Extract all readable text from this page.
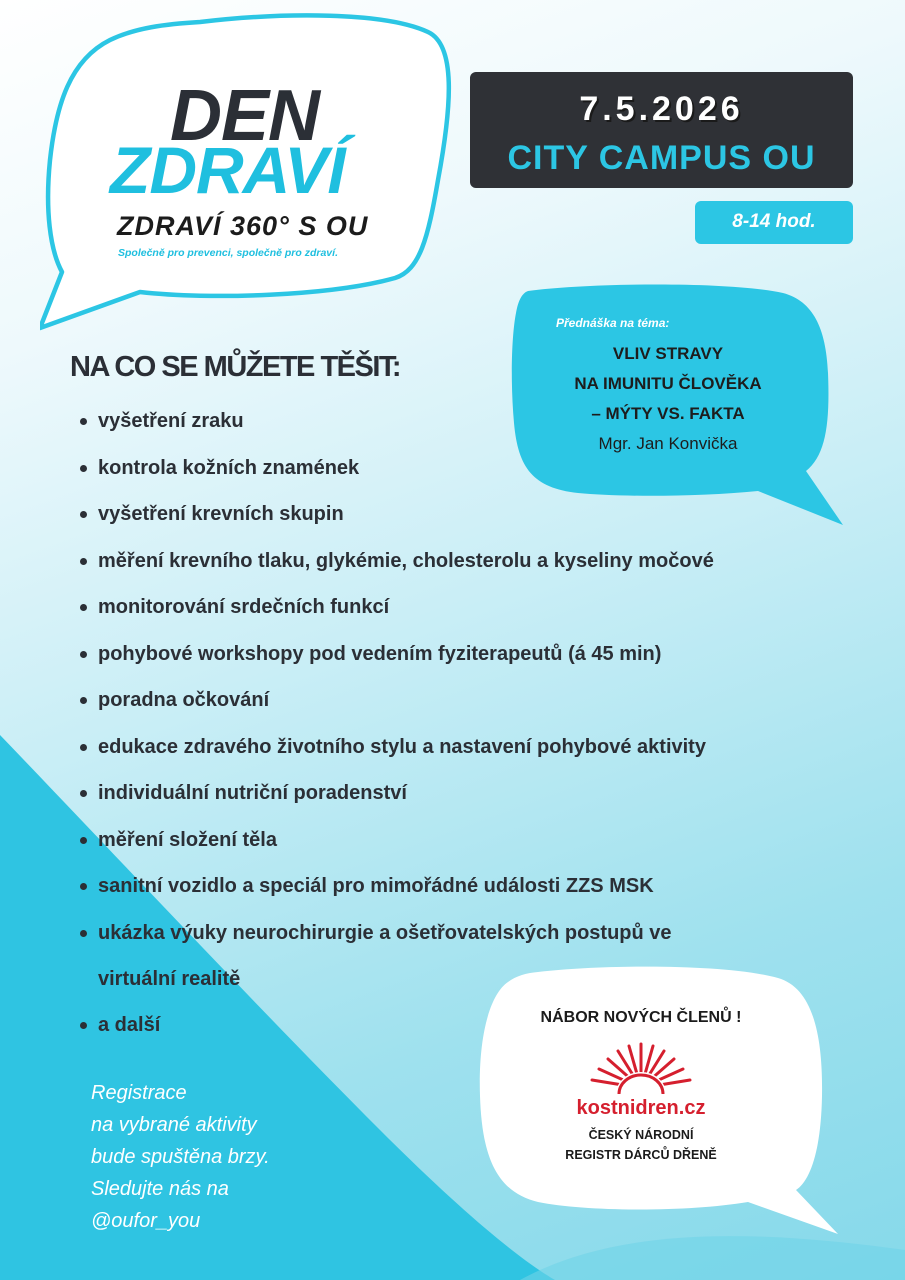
DEN
ZDRAVÍ
ZDRAVÍ 360° S OU
Společně pro prevenci, společně pro zdraví.
7.5.2026
CITY CAMPUS OU
8-14 hod.
Přednáška na téma:
VLIV STRAVY
NA IMUNITU ČLOVĚKA
– MÝTY VS. FAKTA
Mgr. Jan Konvička
NA CO SE MŮŽETE TĚŠIT:
vyšetření zraku
kontrola kožních znamének
vyšetření krevních skupin
měření krevního tlaku, glykémie, cholesterolu a kyseliny močové
monitorování srdečních funkcí
pohybové workshopy pod vedením fyziterapeutů (á 45 min)
poradna očkování
edukace zdravého životního stylu a nastavení pohybové aktivity
individuální nutriční poradenství
měření složení těla
sanitní vozidlo a speciál pro mimořádné události ZZS MSK
ukázka výuky neurochirurgie a ošetřovatelských postupů ve
virtuální realitě
a další
Registrace
na vybrané aktivity
bude spuštěna brzy.
Sledujte nás na
@oufor_you
NÁBOR NOVÝCH ČLENŮ !
kostnidren.cz
ČESKÝ NÁRODNÍ
REGISTR DÁRCŮ DŘENĚ
